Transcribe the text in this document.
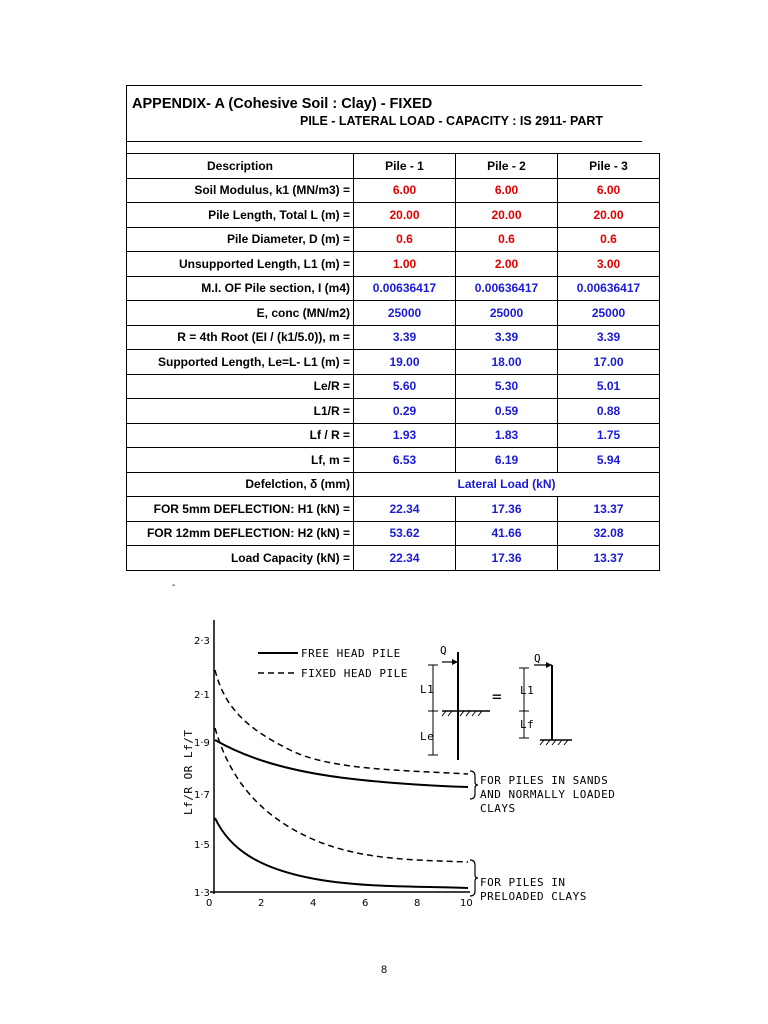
APPENDIX- A (Cohesive Soil : Clay) - FIXED
PILE - LATERAL LOAD - CAPACITY : IS 2911- PART
Description	Pile - 1	Pile - 2	Pile - 3
Soil Modulus, k1 (MN/m3) =	6.00	6.00	6.00
Pile Length, Total L (m) =	20.00	20.00	20.00
Pile Diameter, D (m) =	0.6	0.6	0.6
Unsupported Length, L1 (m) =	1.00	2.00	3.00
M.I. OF Pile section, I (m4)	0.00636417	0.00636417	0.00636417
E, conc (MN/m2)	25000	25000	25000
R = 4th Root (EI / (k1/5.0)), m =	3.39	3.39	3.39
Supported Length, Le=L- L1 (m) =	19.00	18.00	17.00
Le/R =	5.60	5.30	5.01
L1/R =	0.29	0.59	0.88
Lf / R =	1.93	1.83	1.75
Lf, m =	6.53	6.19	5.94
Defelction, δ (mm)	Lateral Load (kN)		
FOR 5mm DEFLECTION: H1 (kN) =	22.34	17.36	13.37
FOR 12mm DEFLECTION: H2 (kN) =	53.62	41.66	32.08
Load Capacity (kN) =	22.34	17.36	13.37
-
2·3
2·1
1·9
1·7
1·5
1·3
0	2	4	6	8	10
Lf/R OR Lf/T
FREE HEAD PILE
FIXED HEAD PILE
FOR PILES IN SANDS
AND NORMALLY LOADED
CLAYS
FOR PILES IN
PRELOADED CLAYS
Q
L1
Le
=
Q
L1
Lf
8
